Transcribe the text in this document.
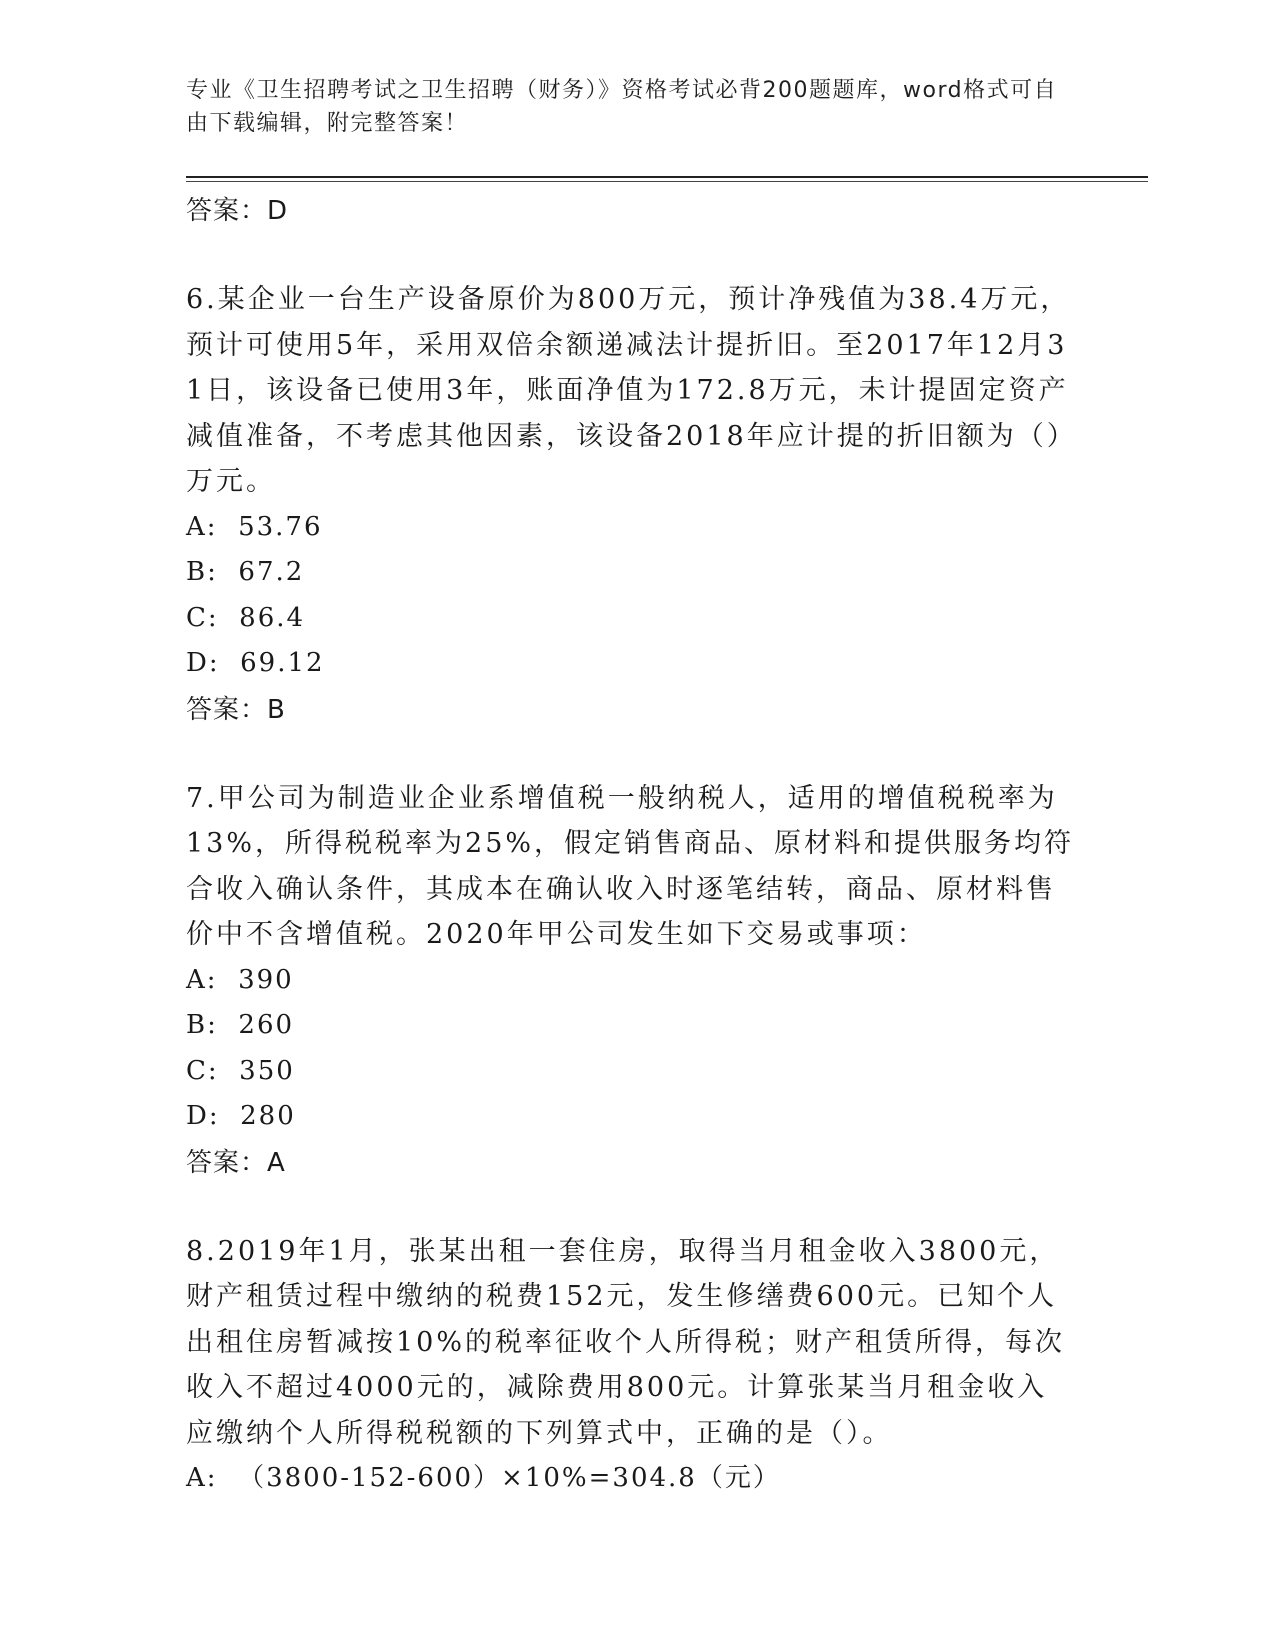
专业《卫生招聘考试之卫生招聘（财务）》资格考试必背200题题库，word格式可自由下载编辑，附完整答案！
答案：D
6.某企业一台生产设备原价为800万元，预计净残值为38.4万元，预计可使用5年，采用双倍余额递减法计提折旧。至2017年12月31日，该设备已使用3年，账面净值为172.8万元，未计提固定资产减值准备，不考虑其他因素，该设备2018年应计提的折旧额为（）万元。
A:  53.76
B:  67.2
C:  86.4
D:  69.12
答案：B
7.甲公司为制造业企业系增值税一般纳税人，适用的增值税税率为13%，所得税税率为25%，假定销售商品、原材料和提供服务均符合收入确认条件，其成本在确认收入时逐笔结转，商品、原材料售价中不含增值税。2020年甲公司发生如下交易或事项：
A:  390
B:  260
C:  350
D:  280
答案：A
8.2019年1月，张某出租一套住房，取得当月租金收入3800元，财产租赁过程中缴纳的税费152元，发生修缮费600元。已知个人出租住房暂减按10%的税率征收个人所得税；财产租赁所得，每次收入不超过4000元的，减除费用800元。计算张某当月租金收入应缴纳个人所得税税额的下列算式中，正确的是（）。
A:  （3800-152-600）×10%=304.8（元）
